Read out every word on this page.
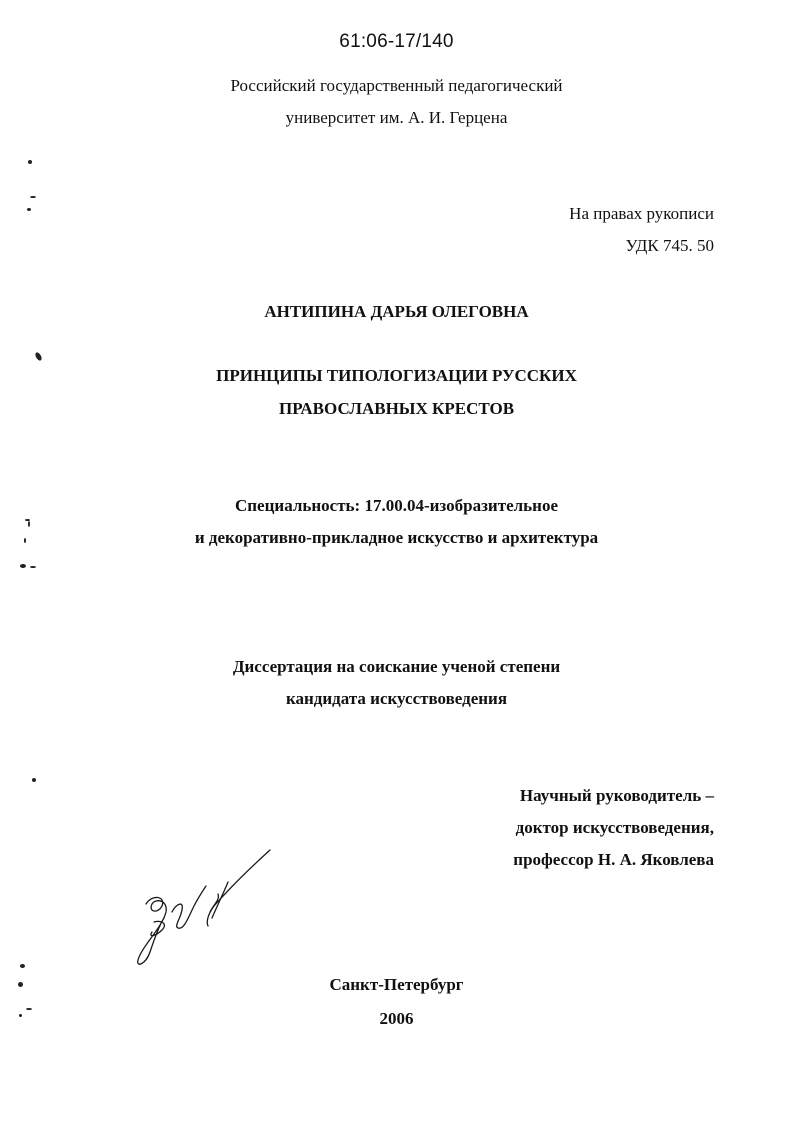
61:06-17/140
Российский государственный педагогический
университет им. А. И. Герцена
На правах рукописи
УДК 745. 50
АНТИПИНА ДАРЬЯ ОЛЕГОВНА
ПРИНЦИПЫ ТИПОЛОГИЗАЦИИ РУССКИХ
ПРАВОСЛАВНЫХ КРЕСТОВ
Специальность: 17.00.04-изобразительное
и декоративно-прикладное искусство и архитектура
Диссертация на соискание ученой степени
кандидата искусствоведения
Научный руководитель –
доктор искусствоведения,
профессор Н. А. Яковлева
Санкт-Петербург
2006
